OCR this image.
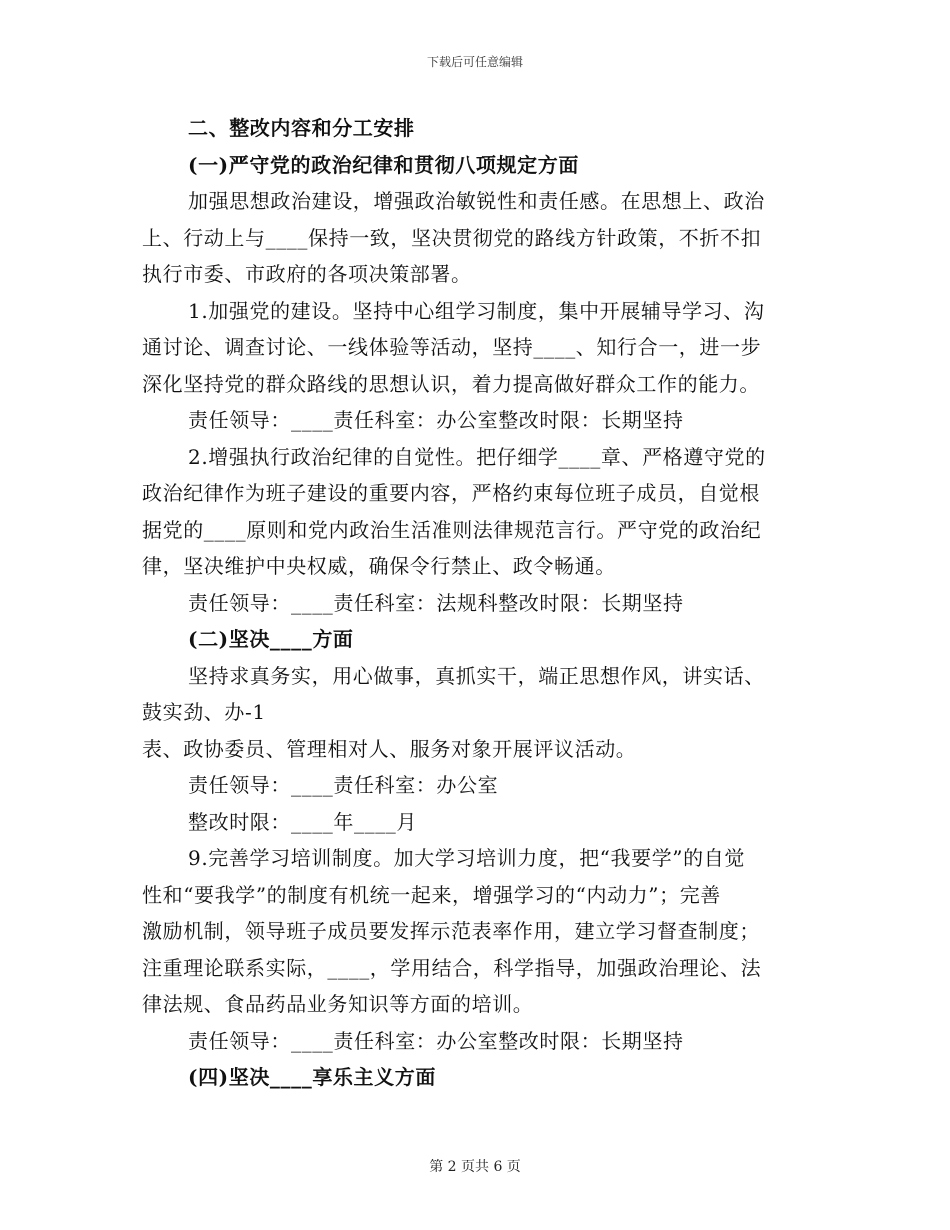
下载后可任意编辑
二、整改内容和分工安排
(一)严守党的政治纪律和贯彻八项规定方面
加强思想政治建设，增强政治敏锐性和责任感。在思想上、政治
上、行动上与____保持一致，坚决贯彻党的路线方针政策，不折不扣
执行市委、市政府的各项决策部署。
1.加强党的建设。坚持中心组学习制度，集中开展辅导学习、沟
通讨论、调查讨论、一线体验等活动，坚持____、知行合一，进一步
深化坚持党的群众路线的思想认识，着力提高做好群众工作的能力。
责任领导：____责任科室：办公室整改时限：长期坚持
2.增强执行政治纪律的自觉性。把仔细学____章、严格遵守党的
政治纪律作为班子建设的重要内容，严格约束每位班子成员，自觉根
据党的____原则和党内政治生活准则法律规范言行。严守党的政治纪
律，坚决维护中央权威，确保令行禁止、政令畅通。
责任领导：____责任科室：法规科整改时限：长期坚持
(二)坚决____方面
坚持求真务实，用心做事，真抓实干，端正思想作风，讲实话、
鼓实劲、办-1
表、政协委员、管理相对人、服务对象开展评议活动。
责任领导：____责任科室：办公室
整改时限：____年____月
9.完善学习培训制度。加大学习培训力度，把“我要学”的自觉
性和“要我学”的制度有机统一起来，增强学习的“内动力”；完善
激励机制，领导班子成员要发挥示范表率作用，建立学习督查制度；
注重理论联系实际，____，学用结合，科学指导，加强政治理论、法
律法规、食品药品业务知识等方面的培训。
责任领导：____责任科室：办公室整改时限：长期坚持
(四)坚决____享乐主义方面
第 2 页共 6 页
